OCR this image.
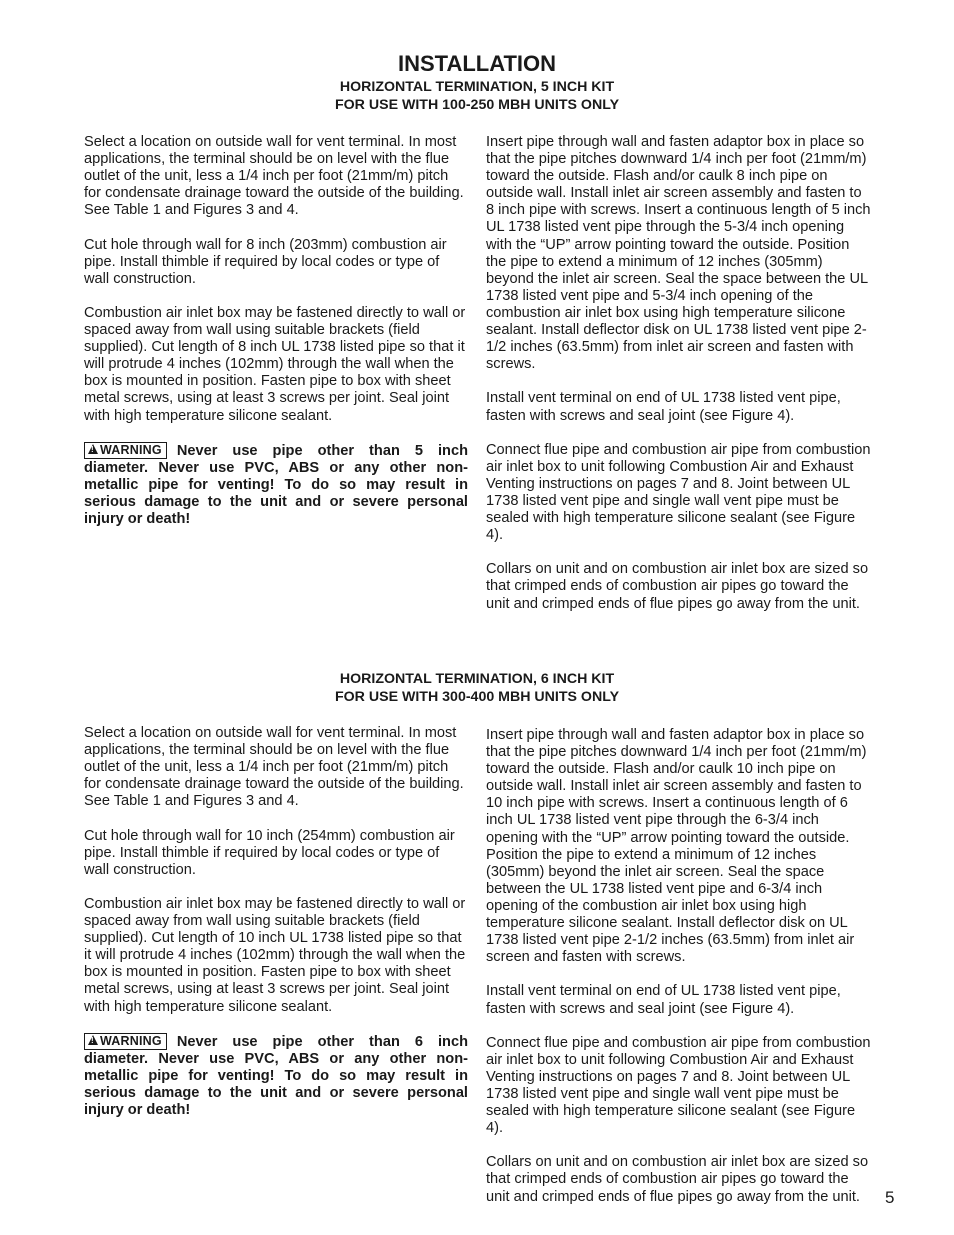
INSTALLATION
HORIZONTAL TERMINATION, 5 INCH KIT
FOR USE WITH 100-250 MBH UNITS ONLY

Select a location on outside wall for vent terminal. In most applications, the terminal should be on level with the flue outlet of the unit, less a 1/4 inch per foot (21mm/m) pitch for condensate drainage toward the outside of the building. See Table 1 and Figures 3 and 4.

Cut hole through wall for 8 inch (203mm) combustion air pipe. Install thimble if required by local codes or type of wall construction.

Combustion air inlet box may be fastened directly to wall or spaced away from wall using suitable brackets (field supplied). Cut length of 8 inch UL 1738 listed pipe so that it will protrude 4 inches (102mm) through the wall when the box is mounted in position. Fasten pipe to box with sheet metal screws, using at least 3 screws per joint. Seal joint with high temperature silicone sealant.

!WARNING Never use pipe other than 5 inch diameter. Never use PVC, ABS or any other non-metallic pipe for venting! To do so may result in serious damage to the unit and or severe personal injury or death!

Insert pipe through wall and fasten adaptor box in place so that the pipe pitches downward 1/4 inch per foot (21mm/m) toward the outside. Flash and/or caulk 8 inch pipe on outside wall. Install inlet air screen assembly and fasten to 8 inch pipe with screws. Insert a continuous length of 5 inch UL 1738 listed vent pipe through the 5-3/4 inch opening with the “UP” arrow pointing toward the outside. Position the pipe to extend a minimum of 12 inches (305mm) beyond the inlet air screen. Seal the space between the UL 1738 listed vent pipe and 5-3/4 inch opening of the combustion air inlet box using high temperature silicone sealant. Install deflector disk on UL 1738 listed vent pipe 2-1/2 inches (63.5mm) from inlet air screen and fasten with screws.

Install vent terminal on end of UL 1738 listed vent pipe, fasten with screws and seal joint (see Figure 4).

Connect flue pipe and combustion air pipe from combustion air inlet box to unit following Combustion Air and Exhaust Venting instructions on pages 7 and 8. Joint between UL 1738 listed vent pipe and single wall vent pipe must be sealed with high temperature silicone sealant (see Figure 4).

Collars on unit and on combustion air inlet box are sized so that crimped ends of combustion air pipes go toward the unit and crimped ends of flue pipes go away from the unit.

HORIZONTAL TERMINATION, 6 INCH KIT
FOR USE WITH 300-400 MBH UNITS ONLY

Select a location on outside wall for vent terminal. In most applications, the terminal should be on level with the flue outlet of the unit, less a 1/4 inch per foot (21mm/m) pitch for condensate drainage toward the outside of the building. See Table 1 and Figures 3 and 4.

Cut hole through wall for 10 inch (254mm) combustion air pipe. Install thimble if required by local codes or type of wall construction.

Combustion air inlet box may be fastened directly to wall or spaced away from wall using suitable brackets (field supplied). Cut length of 10 inch UL 1738 listed pipe so that it will protrude 4 inches (102mm) through the wall when the box is mounted in position. Fasten pipe to box with sheet metal screws, using at least 3 screws per joint. Seal joint with high temperature silicone sealant.

!WARNING Never use pipe other than 6 inch diameter. Never use PVC, ABS or any other non-metallic pipe for venting! To do so may result in serious damage to the unit and or severe personal injury or death!

Insert pipe through wall and fasten adaptor box in place so that the pipe pitches downward 1/4 inch per foot (21mm/m) toward the outside. Flash and/or caulk 10 inch pipe on outside wall. Install inlet air screen assembly and fasten to 10 inch pipe with screws. Insert a continuous length of 6 inch UL 1738 listed vent pipe through the 6-3/4 inch opening with the “UP” arrow pointing toward the outside. Position the pipe to extend a minimum of 12 inches (305mm) beyond the inlet air screen. Seal the space between the UL 1738 listed vent pipe and 6-3/4 inch opening of the combustion air inlet box using high temperature silicone sealant. Install deflector disk on UL 1738 listed vent pipe 2-1/2 inches (63.5mm) from inlet air screen and fasten with screws.

Install vent terminal on end of UL 1738 listed vent pipe, fasten with screws and seal joint (see Figure 4).

Connect flue pipe and combustion air pipe from combustion air inlet box to unit following Combustion Air and Exhaust Venting instructions on pages 7 and 8. Joint between UL 1738 listed vent pipe and single wall vent pipe must be sealed with high temperature silicone sealant (see Figure 4).

Collars on unit and on combustion air inlet box are sized so that crimped ends of combustion air pipes go toward the unit and crimped ends of flue pipes go away from the unit.	5
